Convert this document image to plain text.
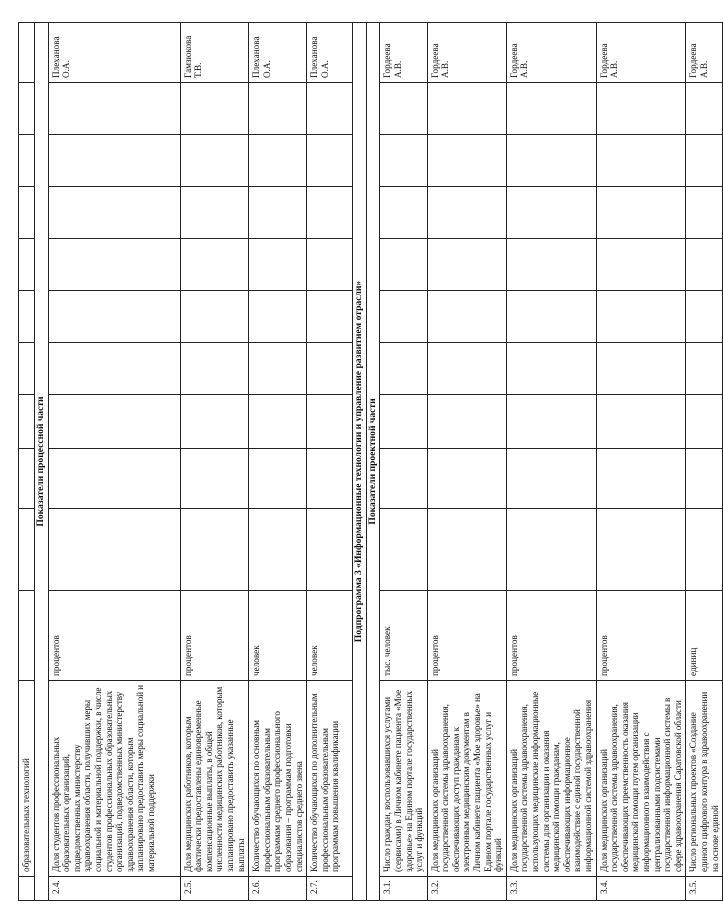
	образовательных технологий											
Показатели процессной части												
2.4.	Доля студентов профессиональных образовательных организаций, подведомственных министерству здравоохранения области, получивших меры социальной и материальной поддержки, в числе студентов профессиональных образовательных организаций, подведомственных министерству здравоохранения области, которым запланировано предоставить меры социальной и материальной поддержки	процентов										Плеханова О.А.
2.5.	Доля медицинских работников, которым фактически предоставлены единовременные компенсационные выплаты, в общей численности медицинских работников, которым запланировано предоставить указанные выплаты	процентов										Гамзюкова Т.В.
2.6.	Количество обучающихся по основным профессиональным образовательным программам среднего профессионального образования – программам подготовки специалистов среднего звена	человек										Плеханова О.А.
2.7.	Количество обучающихся по дополнительным профессиональным образовательным программам повышения квалификации	человек										Плеханова О.А.
Подпрограмма 3 «Информационные технологии и управление развитием отрасли»												
Показатели проектной части												
3.1.	Число граждан, воспользовавшихся услугами (сервисами) в Личном кабинете пациента «Мое здоровье» на Едином портале государственных услуг и функций	тыс. человек										Гордеева А.В.
3.2.	Доля медицинских организаций государственной системы здравоохранения, обеспечивающих доступ гражданам к электронным медицинским документам в Личном кабинете пациента «Мое здоровье» на Едином портале государственных услуг и функций	процентов										Гордеева А.В.
3.3.	Доля медицинских организаций государственной системы здравоохранения, использующих медицинские информационные системы для организации и оказания медицинской помощи гражданам, обеспечивающих информационное взаимодействие с единой государственной информационной системой здравоохранения	процентов										Гордеева А.В.
3.4.	Доля медицинских организаций государственной системы здравоохранения, обеспечивающих преемственность оказания медицинской помощи путем организации информационного взаимодействия с централизованными подсистемами государственной информационной системы в сфере здравоохранения Саратовской области	процентов										Гордеева А.В.
3.5.	Число региональных проектов «Создание единого цифрового контура в здравоохранении на основе единой	единиц										Гордеева А.В.
